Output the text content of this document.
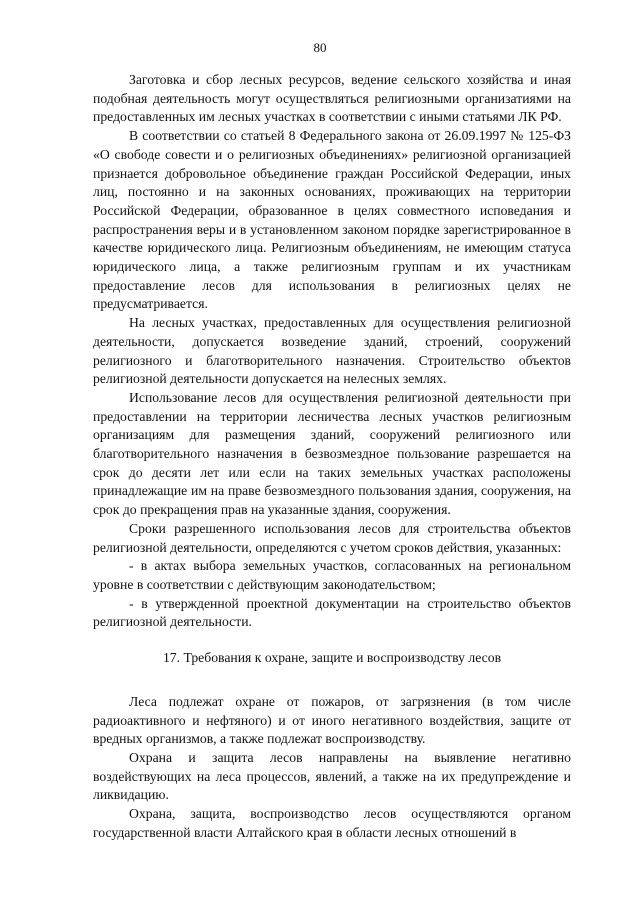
80

Заготовка и сбор лесных ресурсов, ведение сельского хозяйства и иная подобная деятельность могут осуществляться религиозными организатиями на предоставленных им лесных участках в соответствии с иными статьями ЛК РФ.

В соответствии со статьей 8 Федерального закона от 26.09.1997 № 125-ФЗ «О свободе совести и о религиозных объединениях» религиозной организацией признается добровольное объединение граждан Российской Федерации, иных лиц, постоянно и на законных основаниях, проживающих на территории Российской Федерации, образованное в целях совместного исповедания и распространения веры и в установленном законом порядке зарегистрированное в качестве юридического лица. Религиозным объединениям, не имеющим статуса юридического лица, а также религиозным группам и их участникам предоставление лесов для использования в религиозных целях не предусматривается.

На лесных участках, предоставленных для осуществления религиозной деятельности, допускается возведение зданий, строений, сооружений религиозного и благотворительного назначения. Строительство объектов религиозной деятельности допускается на нелесных землях.

Использование лесов для осуществления религиозной деятельности при предоставлении на территории лесничества лесных участков религиозным организациям для размещения зданий, сооружений религиозного или благотворительного назначения в безвозмездное пользование разрешается на срок до десяти лет или если на таких земельных участках расположены принадлежащие им на праве безвозмездного пользования здания, сооружения, на срок до прекращения прав на указанные здания, сооружения.

Сроки разрешенного использования лесов для строительства объектов религиозной деятельности, определяются с учетом сроков действия, указанных:

- в актах выбора земельных участков, согласованных на региональном уровне в соответствии с действующим законодательством;

- в утвержденной проектной документации на строительство объектов религиозной деятельности.

17. Требования к охране, защите и воспроизводству лесов

Леса подлежат охране от пожаров, от загрязнения (в том числе радиоактивного и нефтяного) и от иного негативного воздействия, защите от вредных организмов, а также подлежат воспроизводству.

Охрана и защита лесов направлены на выявление негативно воздействующих на леса процессов, явлений, а также на их предупреждение и ликвидацию.

Охрана, защита, воспроизводство лесов осуществляются органом государственной власти Алтайского края в области лесных отношений в
